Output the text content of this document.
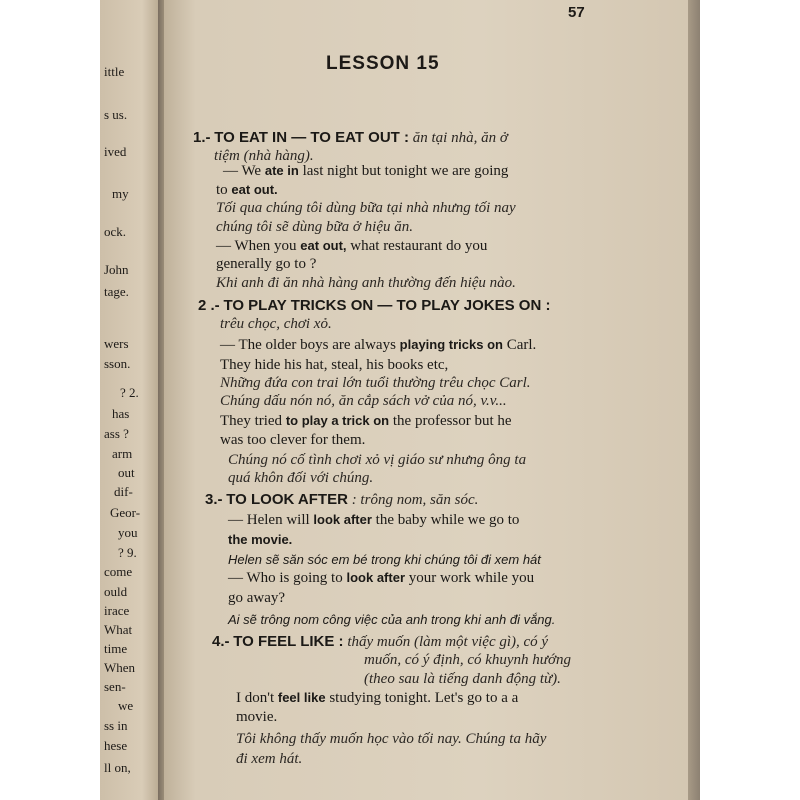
ittle
s us.
ived
my
ock.
John
tage.
wers
sson.
? 2.
has
ass ?
arm
out
dif-
Geor-
you
? 9.
come
ould
irace
What
time
When
sen-
we
ss in
hese
ll on,
57
LESSON 15
1.- TO EAT IN — TO EAT OUT : ăn tại nhà, ăn ở
tiệm (nhà hàng).
— We ate in last night but tonight we are going
to eat out.
Tối qua chúng tôi dùng bữa tại nhà nhưng tối nay
chúng tôi sẽ dùng bữa ở hiệu ăn.
— When you eat out, what restaurant do you
generally go to ?
Khi anh đi ăn nhà hàng anh thường đến hiệu nào.
2 .- TO PLAY TRICKS ON — TO PLAY JOKES ON :
trêu chọc, chơi xỏ.
— The older boys are always playing tricks on Carl.
They hide his hat, steal, his books etc,
Những đứa con trai lớn tuổi thường trêu chọc Carl.
Chúng dấu nón nó, ăn cắp sách vở của nó, v.v...
They tried to play a trick on the professor but he
was too clever for them.
Chúng nó cố tình chơi xỏ vị giáo sư nhưng ông ta
quá khôn đối với chúng.
3.- TO LOOK AFTER : trông nom, săn sóc.
— Helen will look after the baby while we go to
the movie.
Helen sẽ săn sóc em bé trong khi chúng tôi đi xem hát
— Who is going to look after your work while you
go away?
Ai sẽ trông nom công việc của anh trong khi anh đi vắng.
4.- TO FEEL LIKE : thấy muốn (làm một việc gì), có ý
muốn, có ý định, có khuynh hướng
(theo sau là tiếng danh động từ).
I don't feel like studying tonight. Let's go to a a
movie.
Tôi không thấy muốn học vào tối nay. Chúng ta hãy
đi xem hát.
